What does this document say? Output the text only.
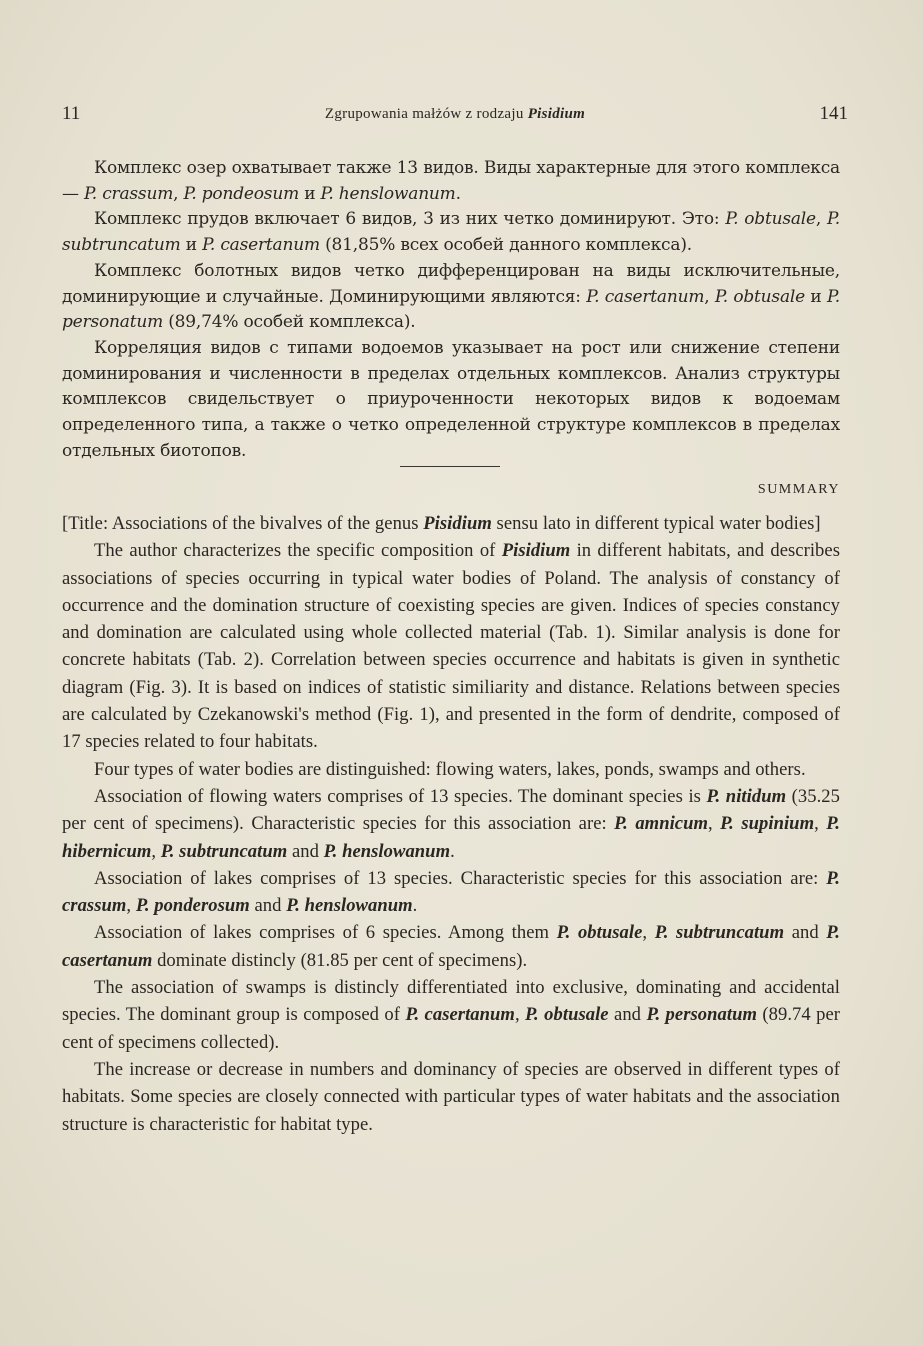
11	Zgrupowania małżów z rodzaju Pisidium	141

Комплекс озер охватывает также 13 видов. Виды характерные для этого комплекса — P. crassum, P. pondeosum и P. henslowanum.

Комплекс прудов включает 6 видов, 3 из них четко доминируют. Это: P. obtusale, P. subtruncatum и P. casertanum (81,85% всех особей данного комплекса).

Комплекс болотных видов четко дифференцирован на виды исключительные, доминирующие и случайные. Доминирующими являются: P. casertanum, P. obtusale и P. personatum (89,74% особей комплекса).

Корреляция видов с типами водоемов указывает на рост или снижение степени доминирования и численности в пределах отдельных комплексов. Анализ структуры комплексов свидельствует о приуроченности некоторых видов к водоемам определенного типа, а также о четко определенной структуре комплексов в пределах отдельных биотопов.

SUMMARY

[Title: Associations of the bivalves of the genus Pisidium sensu lato in different typical water bodies]

The author characterizes the specific composition of Pisidium in different habitats, and describes associations of species occurring in typical water bodies of Poland. The analysis of constancy of occurrence and the domination structure of coexisting species are given. Indices of species constancy and domination are calculated using whole collected material (Tab. 1). Similar analysis is done for concrete habitats (Tab. 2). Correlation between species occurrence and habitats is given in synthetic diagram (Fig. 3). It is based on indices of statistic similiarity and distance. Relations between species are calculated by Czekanowski's method (Fig. 1), and presented in the form of dendrite, composed of 17 species related to four habitats.

Four types of water bodies are distinguished: flowing waters, lakes, ponds, swamps and others.

Association of flowing waters comprises of 13 species. The dominant species is P. nitidum (35.25 per cent of specimens). Characteristic species for this association are: P. amnicum, P. supinium, P. hibernicum, P. subtruncatum and P. henslowanum.

Association of lakes comprises of 13 species. Characteristic species for this association are: P. crassum, P. ponderosum and P. henslowanum.

Association of lakes comprises of 6 species. Among them P. obtusale, P. subtruncatum and P. casertanum dominate distincly (81.85 per cent of specimens).

The association of swamps is distincly differentiated into exclusive, dominating and accidental species. The dominant group is composed of P. casertanum, P. obtusale and P. personatum (89.74 per cent of specimens collected).

The increase or decrease in numbers and dominancy of species are observed in different types of habitats. Some species are closely connected with particular types of water habitats and the association structure is characteristic for habitat type.
